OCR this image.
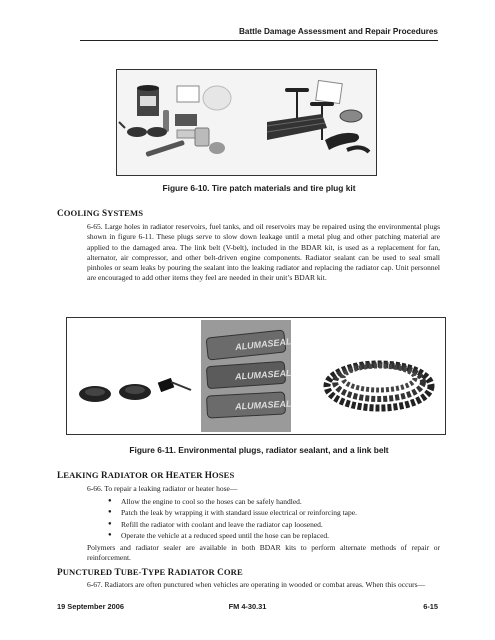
Battle Damage Assessment and Repair Procedures
Figure 6-10. Tire patch materials and tire plug kit
COOLING SYSTEMS
6-65. Large holes in radiator reservoirs, fuel tanks, and oil reservoirs may be repaired using the environmental plugs shown in figure 6-11. These plugs serve to slow down leakage until a metal plug and other patching material are applied to the damaged area. The link belt (V-belt), included in the BDAR kit, is used as a replacement for fan, alternator, air compressor, and other belt-driven engine components. Radiator sealant can be used to seal small pinholes or seam leaks by pouring the sealant into the leaking radiator and replacing the radiator cap. Unit personnel are encouraged to add other items they feel are needed in their unit’s BDAR kit.
ALUMASEAL
ALUMASEAL
ALUMASEAL
Figure 6-11. Environmental plugs, radiator sealant, and a link belt
LEAKING RADIATOR OR HEATER HOSES
6-66. To repair a leaking radiator or heater hose—
● Allow the engine to cool so the hoses can be safely handled.
● Patch the leak by wrapping it with standard issue electrical or reinforcing tape.
● Refill the radiator with coolant and leave the radiator cap loosened.
● Operate the vehicle at a reduced speed until the hose can be replaced.
Polymers and radiator sealer are available in both BDAR kits to perform alternate methods of repair or reinforcement.
PUNCTURED TUBE-TYPE RADIATOR CORE
6-67. Radiators are often punctured when vehicles are operating in wooded or combat areas. When this occurs—
19 September 2006	FM 4-30.31	6-15
